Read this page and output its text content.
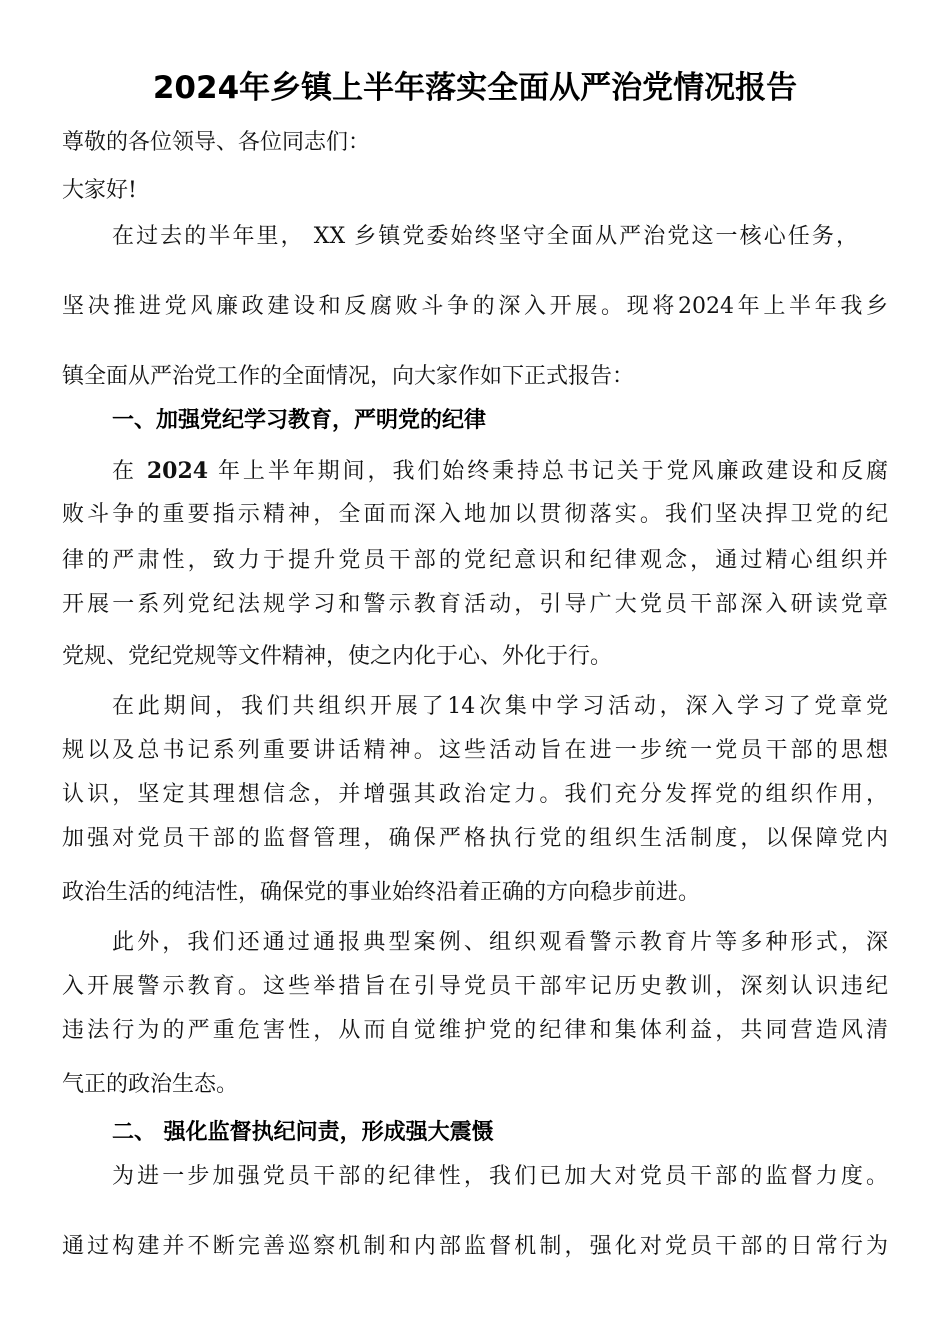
2024年乡镇上半年落实全面从严治党情况报告
尊敬的各位领导、各位同志们：
大家好!
在过去的半年里， XX 乡镇党委始终坚守全面从严治党这一核心任务，
坚决推进党风廉政建设和反腐败斗争的深入开展。现将2024年上半年我乡
镇全面从严治党工作的全面情况，向大家作如下正式报告：
一、加强党纪学习教育，严明党的纪律
在 2024 年上半年期间，我们始终秉持总书记关于党风廉政建设和反腐
败斗争的重要指示精神，全面而深入地加以贯彻落实。我们坚决捍卫党的纪
律的严肃性，致力于提升党员干部的党纪意识和纪律观念，通过精心组织并
开展一系列党纪法规学习和警示教育活动，引导广大党员干部深入研读党章
党规、党纪党规等文件精神，使之内化于心、外化于行。
在此期间，我们共组织开展了14次集中学习活动，深入学习了党章党
规以及总书记系列重要讲话精神。这些活动旨在进一步统一党员干部的思想
认识，坚定其理想信念，并增强其政治定力。我们充分发挥党的组织作用，
加强对党员干部的监督管理，确保严格执行党的组织生活制度，以保障党内
政治生活的纯洁性，确保党的事业始终沿着正确的方向稳步前进。
此外，我们还通过通报典型案例、组织观看警示教育片等多种形式，深
入开展警示教育。这些举措旨在引导党员干部牢记历史教训，深刻认识违纪
违法行为的严重危害性，从而自觉维护党的纪律和集体利益，共同营造风清
气正的政治生态。
二、 强化监督执纪问责，形成强大震慑
为进一步加强党员干部的纪律性，我们已加大对党员干部的监督力度。
通过构建并不断完善巡察机制和内部监督机制，强化对党员干部的日常行为
